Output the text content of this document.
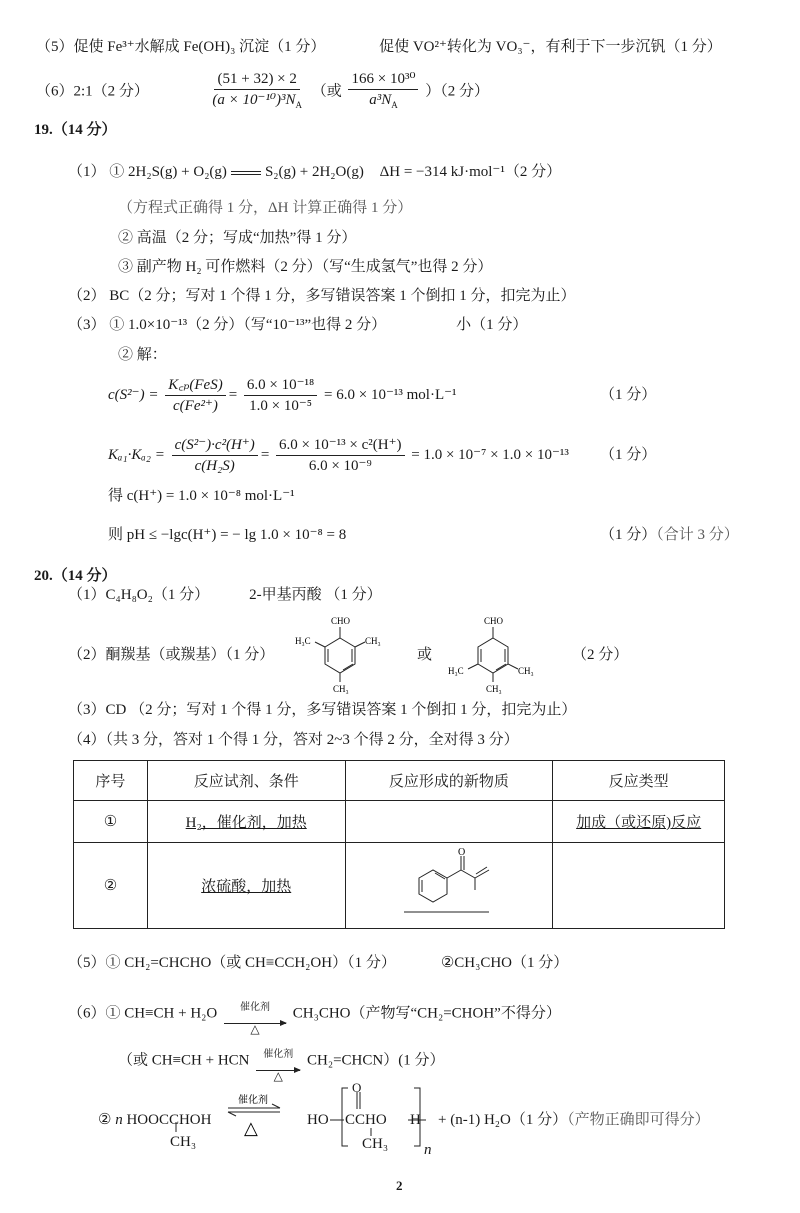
（5）促使 Fe³⁺水解成 Fe(OH)₃ 沉淀（1 分）	促使 VO²⁺转化为 VO₃⁻，有利于下一步沉钒（1 分）
（6）2:1（2 分）	$\frac{(51 + 32) \times 2}{(a \times 10^{-10})^3N_A}$ （或 $\frac{\text{166 × 10³⁰}}{a^3N_A} )(2$ 分）
19.（14 分）
（1） ① 2H₂S(g) + O₂(g)	S₂(g) + 2H₂O(g) ΔH = −314 kJ·mol⁻¹（2 分）
（方程式正确得 1 分，ΔH 计算正确得 1 分）
② 高温（2 分；写成“加热”得 1 分）
③ 副产物 H₂ 可作燃料（2 分）（写“生成氢气”也得 2 分）
（2） BC（2 分；写对 1 个得 1 分，多写错误答案 1 个倒扣 1 分，扣完为止）
（3） ① 1.0×10⁻¹³（2 分）（写“10⁻¹³”也得 2 分）	小（1 分）
② 解：
$c(S^{2-}) = \frac{\text{K꜀ₚ(FeS)}}{\text{c(Fe²⁺)}} = \frac{\text{6.0 × 10⁻¹⁸}}{\text{1.0 × 10⁻⁵}} = 6.0 \times 10^{-13}$ mol·L⁻¹	（1 分）
$K_{a1}\cdot K_{a2} = \frac{\text{c(S²⁻)·c²(H⁺)}}{\text{c(H₂S)}} = \frac{\text{6.0 × 10⁻¹³ × c²(H⁺)}}{\text{6.0 × 10⁻⁹}} = 1.0 \times 10^{-7} \times 1.0 \times 10^{-13}$ （1 分）
得 c(H⁺) = 1.0 × 10⁻⁸ mol·L⁻¹
则 pH ≤ −lgc(H⁺) = − lg 1.0 × 10⁻⁸ = 8	（1 分）（合计 3 分）
20.（14 分）
（1）C₄H₈O₂（1 分）	2-甲基丙酸 （1 分）
（2）酮羰基（或羰基）（1 分）
CHO
H₃C	CH₃
CH₃
或
CHO
H₃C	CH₃
CH₃
（2 分）
（3）CD （2 分；写对 1 个得 1 分，多写错误答案 1 个倒扣 1 分，扣完为止）
（4）（共 3 分，答对 1 个得 1 分，答对 2~3 个得 2 分，全对得 3 分）
序号	反应试剂、条件	反应形成的新物质	反应类型
①	H₂，催化剂，加热		加成（或还原)反应
②	浓硫酸，加热	O	

（5）① CH₂=CHCHO（或 CH≡CCH₂OH）（1 分）	②CH₃CHO（1 分）
（6）① CH≡CH + H₂O 催化剂
△
CH₃CHO（产物写“CH₂=CHOH”不得分）
（或 CH≡CH + HCN 催化剂
△
CH₂=CHCN）(1 分）
② n HOOCCHOH
CH₃
催化剂
△	HO
O
CCHO
CH₃
H
n
+ (n-1) H₂O（1 分）（产物正确即可得分）
2
